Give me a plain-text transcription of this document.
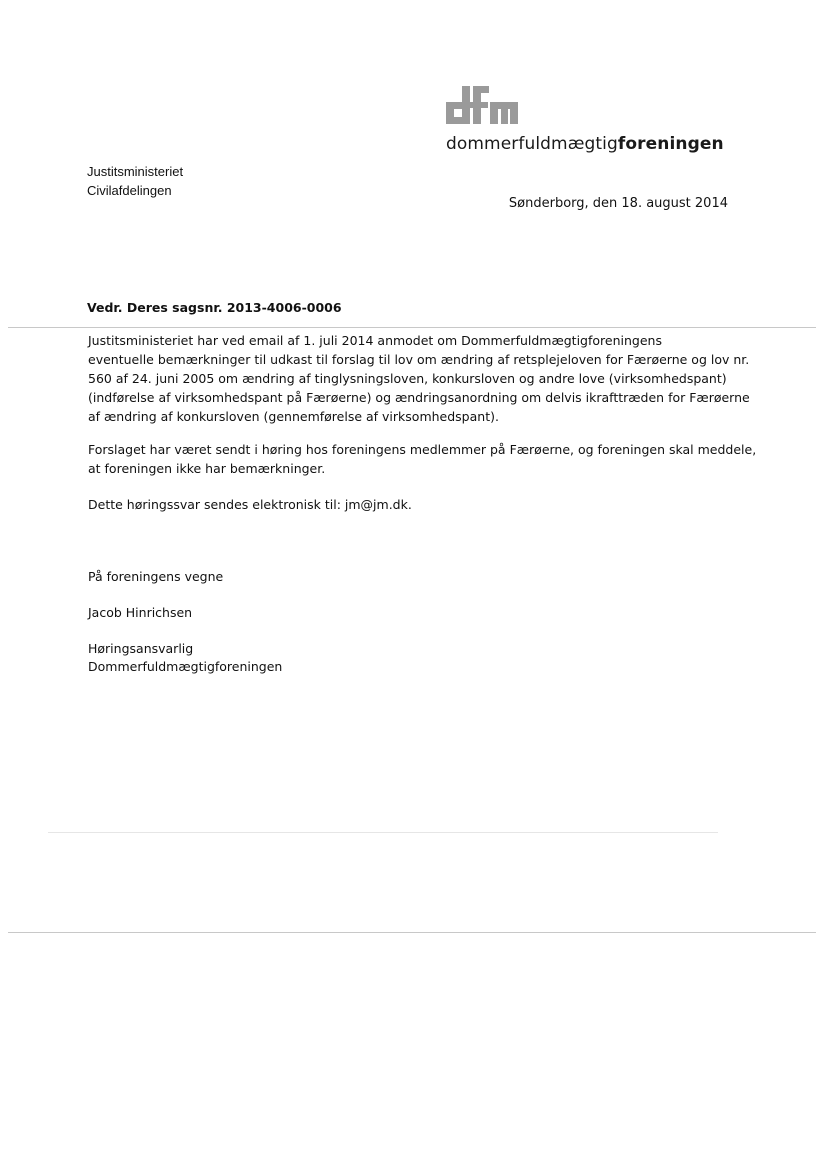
dommerfuldmægtigforeningen
Justitsministeriet
Civilafdelingen
Sønderborg, den 18. august 2014
Vedr. Deres sagsnr. 2013-4006-0006
Justitsministeriet har ved email af 1. juli 2014 anmodet om Dommerfuldmægtigforeningens
eventuelle bemærkninger til udkast til forslag til lov om ændring af retsplejeloven for Færøerne og lov nr.
560 af 24. juni 2005 om ændring af tinglysningsloven, konkursloven og andre love (virksomhedspant)
(indførelse af virksomhedspant på Færøerne) og ændringsanordning om delvis ikrafttræden for Færøerne
af ændring af konkursloven (gennemførelse af virksomhedspant).
Forslaget har været sendt i høring hos foreningens medlemmer på Færøerne, og foreningen skal meddele,
at foreningen ikke har bemærkninger.
Dette høringssvar sendes elektronisk til: jm@jm.dk.
På foreningens vegne
Jacob Hinrichsen
Høringsansvarlig
Dommerfuldmægtigforeningen
